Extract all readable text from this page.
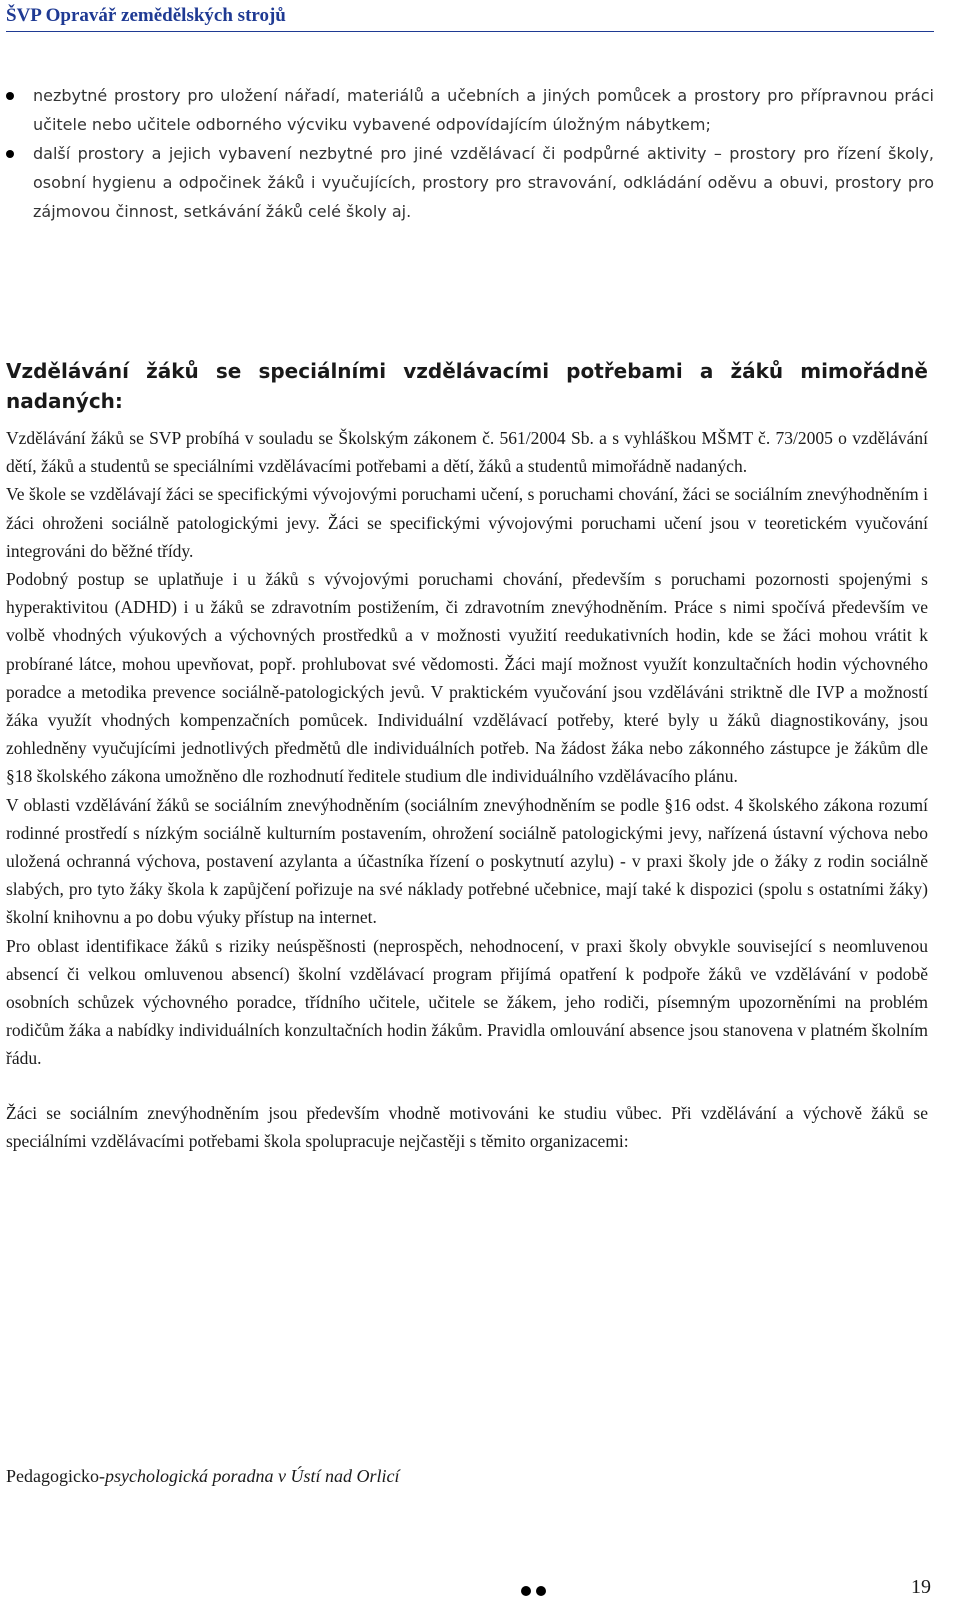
ŠVP Opravář zemědělských strojů
nezbytné prostory pro uložení nářadí, materiálů a učebních a jiných pomůcek a prostory pro přípravnou práci učitele nebo učitele odborného výcviku vybavené odpovídajícím úložným nábytkem;
další prostory a jejich vybavení nezbytné pro jiné vzdělávací či podpůrné aktivity – prostory pro řízení školy, osobní hygienu a odpočinek žáků i vyučujících, prostory pro stravování, odkládání oděvu a obuvi, prostory pro zájmovou činnost, setkávání žáků celé školy aj.
Vzdělávání žáků se speciálními vzdělávacími potřebami a žáků mimořádně nadaných:

Vzdělávání žáků se SVP probíhá v souladu se Školským zákonem č. 561/2004 Sb. a s vyhláškou MŠMT č. 73/2005 o vzdělávání dětí, žáků a studentů se speciálními vzdělávacími potřebami a dětí, žáků a studentů mimořádně nadaných.

Ve škole se vzdělávají žáci se specifickými vývojovými poruchami učení, s poruchami chování, žáci se sociálním znevýhodněním i žáci ohroženi sociálně patologickými jevy. Žáci se specifickými vývojovými poruchami učení jsou v teoretickém vyučování integrováni do běžné třídy.

Podobný postup se uplatňuje i u žáků s vývojovými poruchami chování, především s poruchami pozornosti spojenými s hyperaktivitou (ADHD) i u žáků se zdravotním postižením, či zdravotním znevýhodněním. Práce s nimi spočívá především ve volbě vhodných výukových a výchovných prostředků a v možnosti využití reedukativních hodin, kde se žáci mohou vrátit k probírané látce, mohou upevňovat, popř. prohlubovat své vědomosti. Žáci mají možnost využít konzultačních hodin výchovného poradce a metodika prevence sociálně-patologických jevů. V praktickém vyučování jsou vzděláváni striktně dle IVP a možností žáka využít vhodných kompenzačních pomůcek. Individuální vzdělávací potřeby, které byly u žáků diagnostikovány, jsou zohledněny vyučujícími jednotlivých předmětů dle individuálních potřeb. Na žádost žáka nebo zákonného zástupce je žákům dle §18 školského zákona umožněno dle rozhodnutí ředitele studium dle individuálního vzdělávacího plánu.

V oblasti vzdělávání žáků se sociálním znevýhodněním (sociálním znevýhodněním se podle §16 odst. 4 školského zákona rozumí rodinné prostředí s nízkým sociálně kulturním postavením, ohrožení sociálně patologickými jevy, nařízená ústavní výchova nebo uložená ochranná výchova, postavení azylanta a účastníka řízení o poskytnutí azylu) - v praxi školy jde o žáky z rodin sociálně slabých, pro tyto žáky škola k zapůjčení pořizuje na své náklady potřebné učebnice, mají také k dispozici (spolu s ostatními žáky) školní knihovnu a po dobu výuky přístup na internet.

Pro oblast identifikace žáků s riziky neúspěšnosti (neprospěch, nehodnocení, v praxi školy obvykle související s neomluvenou absencí či velkou omluvenou absencí) školní vzdělávací program přijímá opatření k podpoře žáků ve vzdělávání v podobě osobních schůzek výchovného poradce, třídního učitele, učitele se žákem, jeho rodiči, písemným upozorněními na problém rodičům žáka a nabídky individuálních konzultačních hodin žákům. Pravidla omlouvání absence jsou stanovena v platném školním řádu.

Žáci se sociálním znevýhodněním jsou především vhodně motivováni ke studiu vůbec. Při vzdělávání a výchově žáků se speciálními vzdělávacími potřebami škola spolupracuje nejčastěji s těmito organizacemi:

Pedagogicko-psychologická poradna v Ústí nad Orlicí

19
